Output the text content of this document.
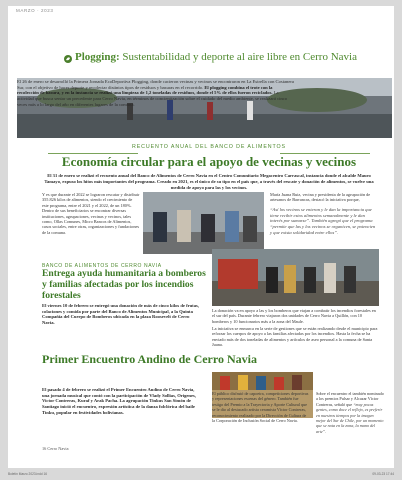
MARZO · 2023
Plogging: Sustentabilidad y deporte al aire libre en Cerro Navia
El 26 de enero se desarrolló la Primera Jornada EcoDeportiva Plogging, donde cacieron vecinas y vecinos se encontraron en La Estrella con Costanera Sur, con el objetivo de hacer deporte y recolectar distintos tipos de residuos y basuras en el recorrido. El plogging combina el trote con la recolección de basura, y en la instancia se realizó una limpieza de 1,2 toneladas de residuos, donde el 5% de ellos fueron reciclados. La actividad que busca sentar un precedente para Cerro Navia, en términos de concientización sobre el cuidado del medio ambiente, se realizará cinco veces más a lo largo del año en diferentes lugares de la comuna.
RECUENTO ANUAL DEL BANCO DE ALIMENTOS
Economía circular para el apoyo de vecinas y vecinos
El 31 de enero se realizó el recuento anual del Banco de Alimentos de Cerro Navia en el Centro Comunitario Megacentro Carrascal, instancia donde el alcalde Mauro Tamayo, expuso los hitos más importantes del programa. Creado en 2021, es el único de su tipo en el país que, a través del rescate y donación de alimentos, se vuelve una medida de apoyo para las y los vecinos.
Y es que durante el 2022 se lograron rescatar y distribuir 355.826 kilos de alimentos, siendo el crecimiento de este programa, entre el 2021 y el 2022, de un 180%. Dentro de sus beneficiarios se encontrar diversas instituciones, agrupaciones, vecinas y vecinos, tales como, Ollas Comunes, Micro Bancos de Alimentos, casos sociales, entre otras, organizaciones y fundaciones de la comuna.
María Juana Ruiz, vecina y presidenta de la agrupación de artesanos de Barrancas, destacó la iniciativa porque,
“Así los vecinos se enteran y le dan la importancia que tiene recibir estos alimentos semanalmente y le dan interés por sumarse”. También agregó que el programa “permite que las y los vecinos se organicen, se potencien y que exista solidaridad entre ellos”.
BANCO DE ALIMENTOS DE CERRO NAVIA
Entrega ayuda humanitaria a bomberos y familias afectadas por los incendios forestales
El viernes 10 de febrero se entregó una donación de más de cinco kilos de frutas, colaciones y comida por parte del Banco de Alimentos Municipal, a la Quinta Compañía del Cuerpo de Bomberos ubicada en la plaza Roosevelt de Cerro Navia.
La donación va en apoyo a las y los bomberos que viajan a combatir los incendios forestales en el sur del país. Durante febrero viajaron dos unidades de Cerro Navia a Quillón, con 10 bomberos y 10 funcionarios más a la zona del Maule.
La iniciativa se enmarca en la serie de gestiones que se están realizando desde el municipio para reforzar los cuerpos de apoyo a las familias afectadas por los incendios. Hasta la fecha se ha enviado más de dos toneladas de alimentos y artículos de aseo personal a la comuna de Santa Juana.
Primer Encuentro Andino de Cerro Navia
El pasado 4 de febrero se realizó el Primer Encuentro Andino de Cerro Navia, una jornada musical que contó con la participación de Vlady Sollias, Origenes, Victor Contreras, Kuraf y Arak Pacha. La agrupación Tinkus San Simón de Santiago inició el encuentro, expresión artística de la danza folclórica del baile Tinku, popular en festividades bolivianas.
El público disfrutó de capoeira, competiciones deportivas y representaciones escenas del género. También fue testigo del Premio a la Trayectoria y Aporte Cultural que se le dio al destacado artista ceramista Víctor Contreras, reconocimiento realizado por la Dirección de Cultura de la Corporación de Inclusión Social de Cerro Navia.
Sobre el encuentro el también nominado a los premios Pulsar y Alcazar Víctor Contreras, señaló que “muy pocas gentes, como doce el reflejo, es preferir en nuestros tiempos por la imagen mejor del Sur de Chile, por un momento que se nota en la zona, la mano del arte”.
16 Cerro Navia
Boletín Marzo 2023.indd 16	09-03-23 17:44
